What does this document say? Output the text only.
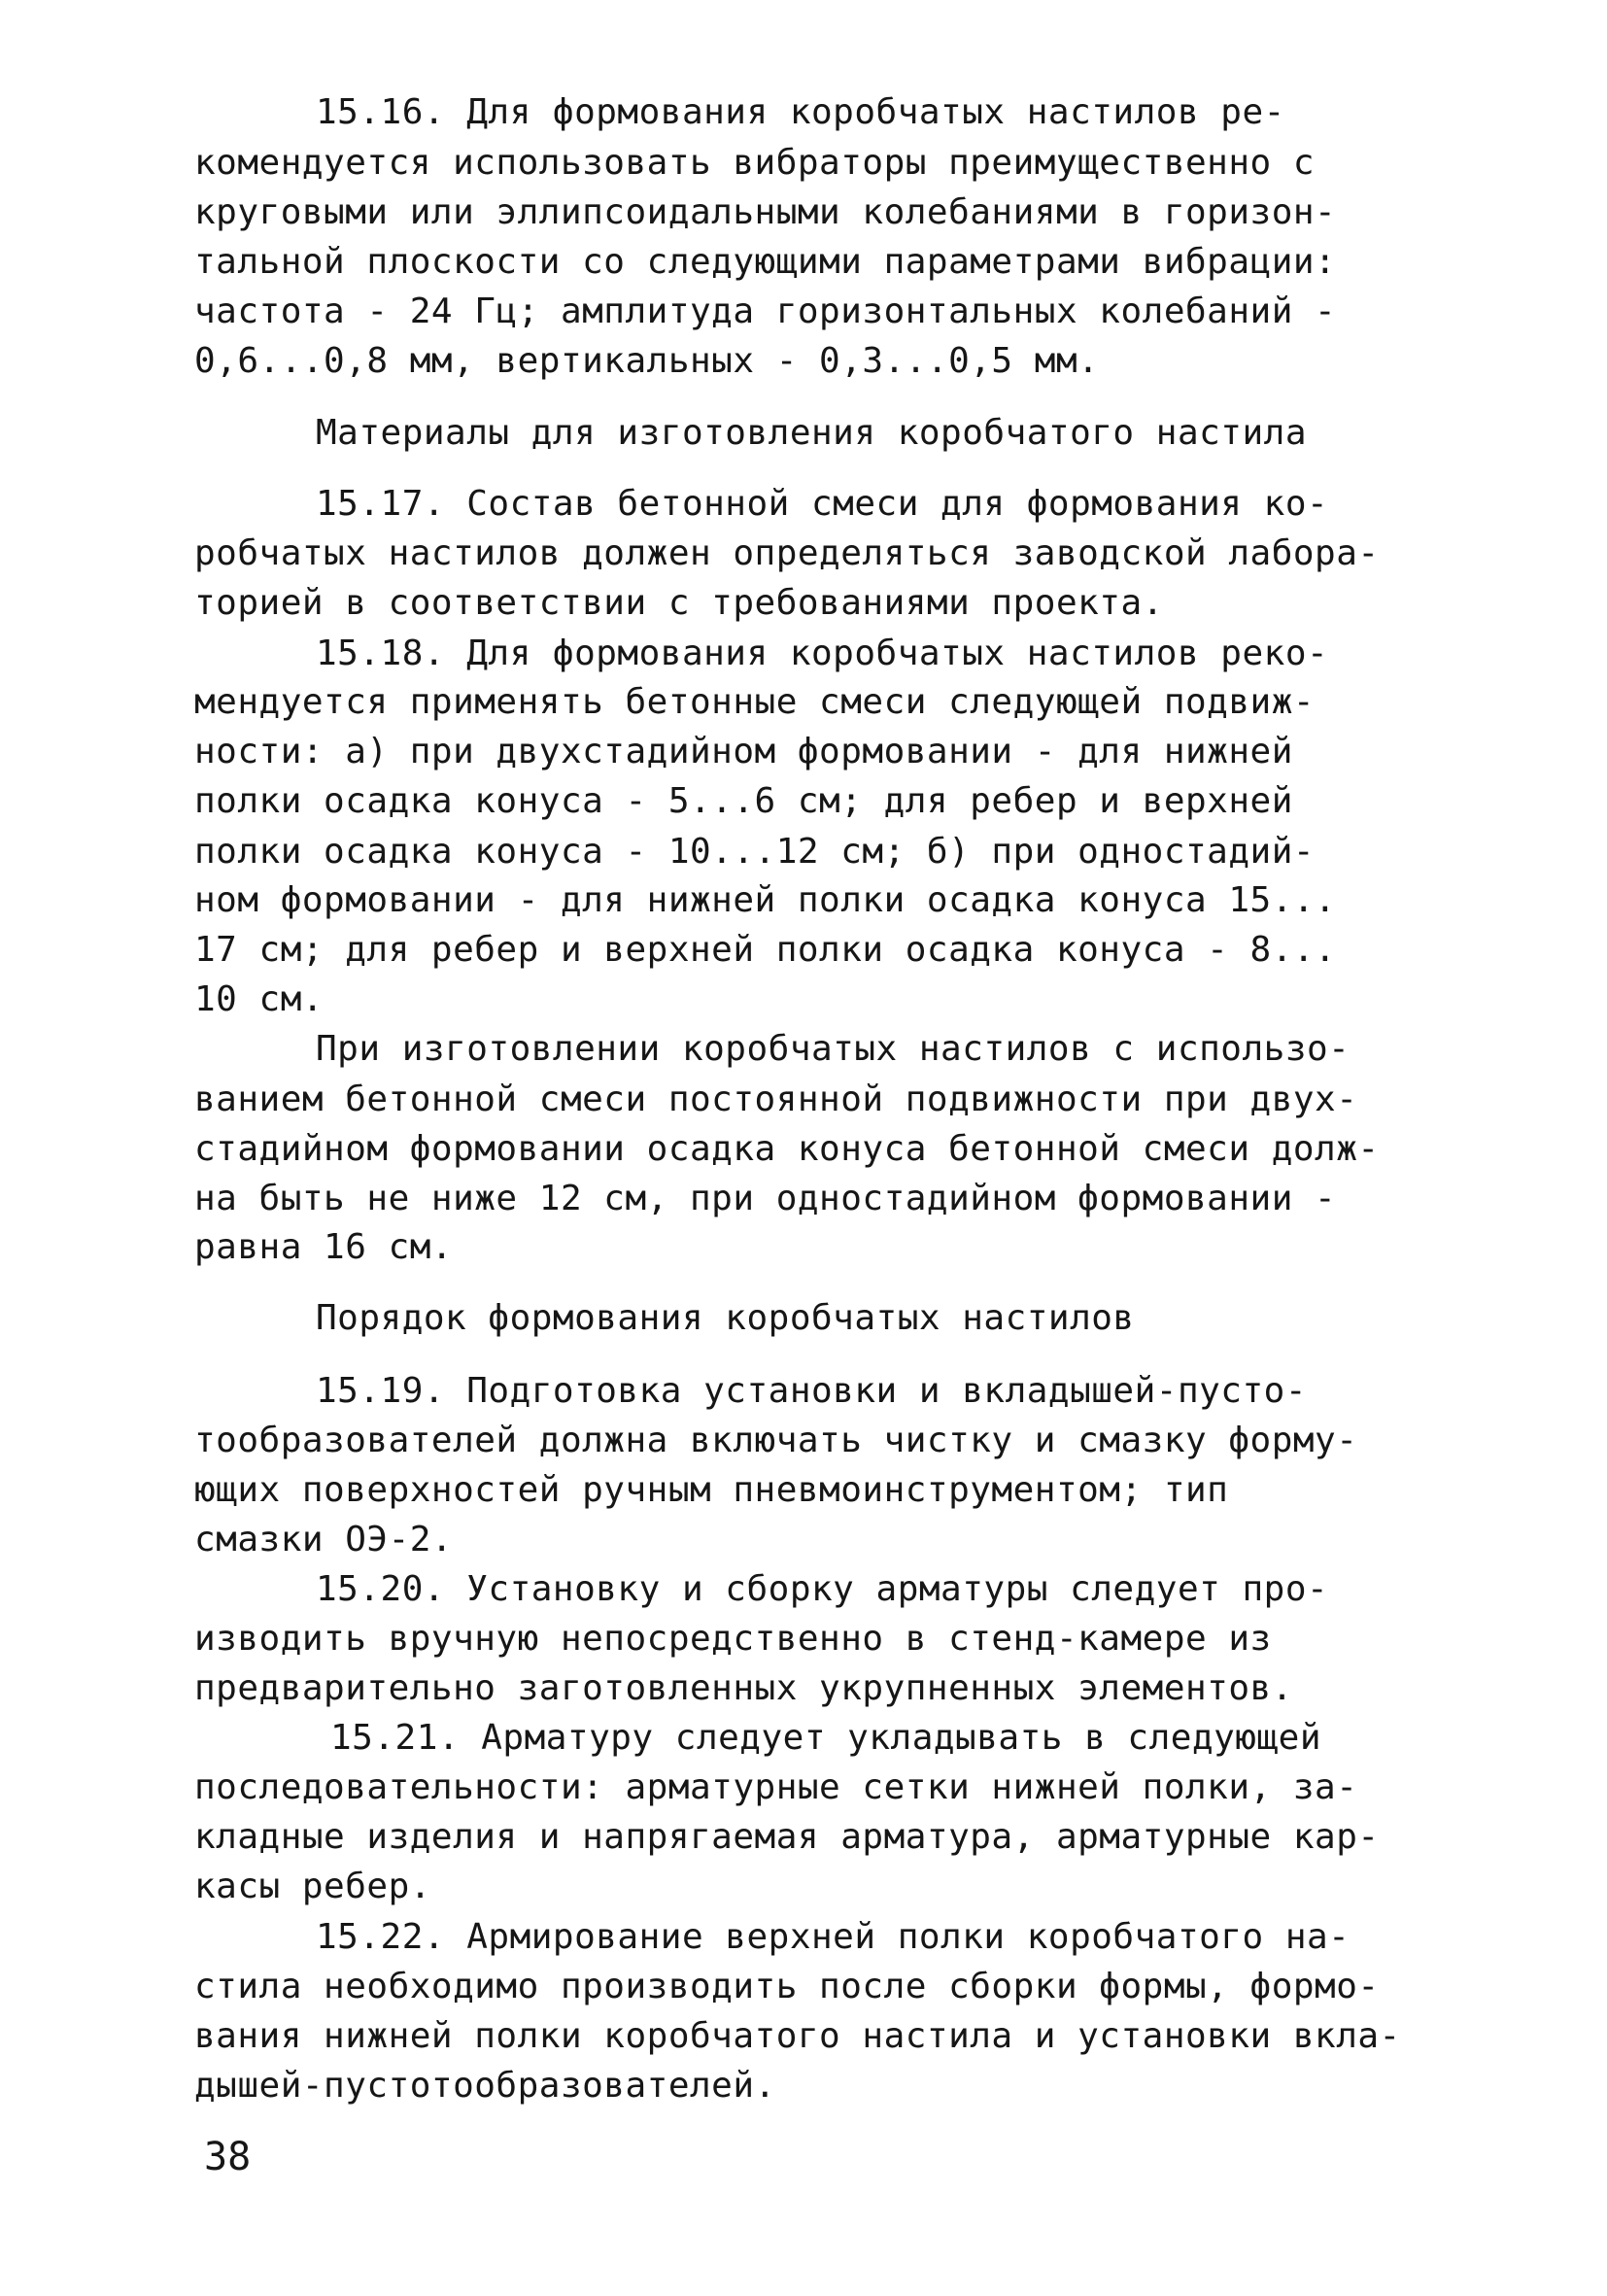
15.16. Для формования коробчатых настилов ре-
комендуется использовать вибраторы преимущественно с
круговыми или эллипсоидальными колебаниями в горизон-
тальной плоскости со следующими параметрами вибрации:
частота - 24 Гц; амплитуда горизонтальных колебаний -
0,6...0,8 мм, вертикальных - 0,3...0,5 мм.
Материалы для изготовления коробчатого настила
15.17. Состав бетонной смеси для формования ко-
робчатых настилов должен определяться заводской лабора-
торией в соответствии с требованиями проекта.
15.18. Для формования коробчатых настилов реко-
мендуется применять бетонные смеси следующей подвиж-
ности: а) при двухстадийном формовании - для нижней
полки осадка конуса - 5...6 см; для ребер и верхней
полки осадка конуса - 10...12 см; б) при одностадий-
ном формовании - для нижней полки осадка конуса 15...
17 см; для ребер и верхней полки осадка конуса - 8...
10 см.
При изготовлении коробчатых настилов с использо-
ванием бетонной смеси постоянной подвижности при двух-
стадийном формовании осадка конуса бетонной смеси долж-
на быть не ниже 12 см, при одностадийном формовании -
равна 16 см.
Порядок формования коробчатых настилов
15.19. Подготовка установки и вкладышей-пусто-
тообразователей должна включать чистку и смазку форму-
ющих поверхностей ручным пневмоинструментом; тип
смазки ОЭ-2.
15.20. Установку и сборку арматуры следует про-
изводить вручную непосредственно в стенд-камере из
предварительно заготовленных укрупненных элементов.
15.21. Арматуру следует укладывать в следующей
последовательности: арматурные сетки нижней полки, за-
кладные изделия и напрягаемая арматура, арматурные кар-
касы ребер.
15.22. Армирование верхней полки коробчатого на-
стила необходимо производить после сборки формы, формо-
вания нижней полки коробчатого настила и установки вкла-
дышей-пустотообразователей.
38
